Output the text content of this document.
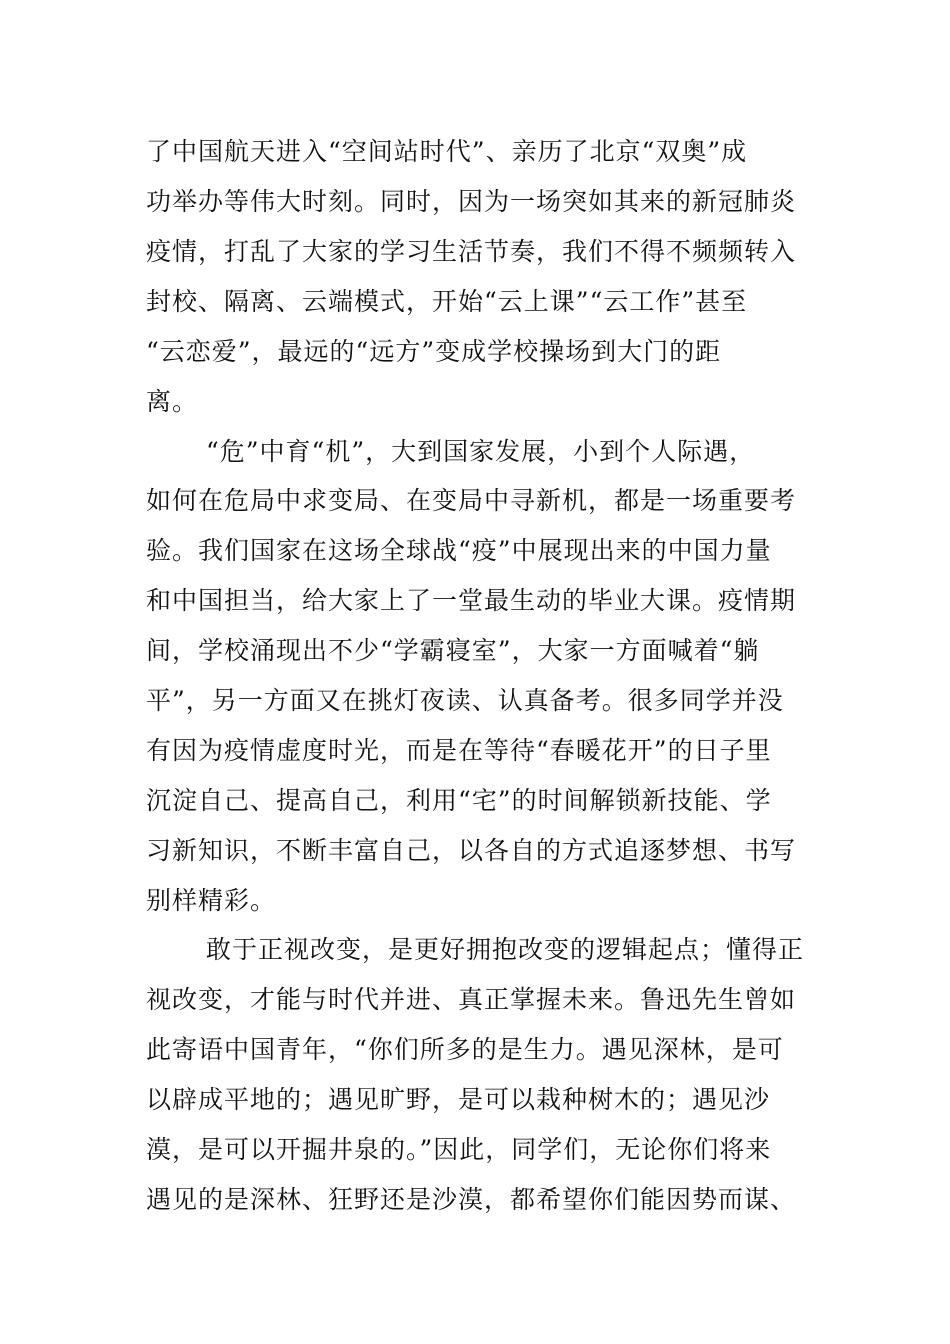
了中国航天进入“空间站时代”、亲历了北京“双奥”成
功举办等伟大时刻。同时，因为一场突如其来的新冠肺炎
疫情，打乱了大家的学习生活节奏，我们不得不频频转入
封校、隔离、云端模式，开始“云上课”“云工作”甚至
“云恋爱”，最远的“远方”变成学校操场到大门的距
离。
“危”中育“机”，大到国家发展，小到个人际遇，
如何在危局中求变局、在变局中寻新机，都是一场重要考
验。我们国家在这场全球战“疫”中展现出来的中国力量
和中国担当，给大家上了一堂最生动的毕业大课。疫情期
间，学校涌现出不少“学霸寝室”，大家一方面喊着“躺
平”，另一方面又在挑灯夜读、认真备考。很多同学并没
有因为疫情虚度时光，而是在等待“春暖花开”的日子里
沉淀自己、提高自己，利用“宅”的时间解锁新技能、学
习新知识，不断丰富自己，以各自的方式追逐梦想、书写
别样精彩。
敢于正视改变，是更好拥抱改变的逻辑起点；懂得正
视改变，才能与时代并进、真正掌握未来。鲁迅先生曾如
此寄语中国青年，“你们所多的是生力。遇见深林，是可
以辟成平地的；遇见旷野，是可以栽种树木的；遇见沙
漠，是可以开掘井泉的。”因此，同学们，无论你们将来
遇见的是深林、狂野还是沙漠，都希望你们能因势而谋、
